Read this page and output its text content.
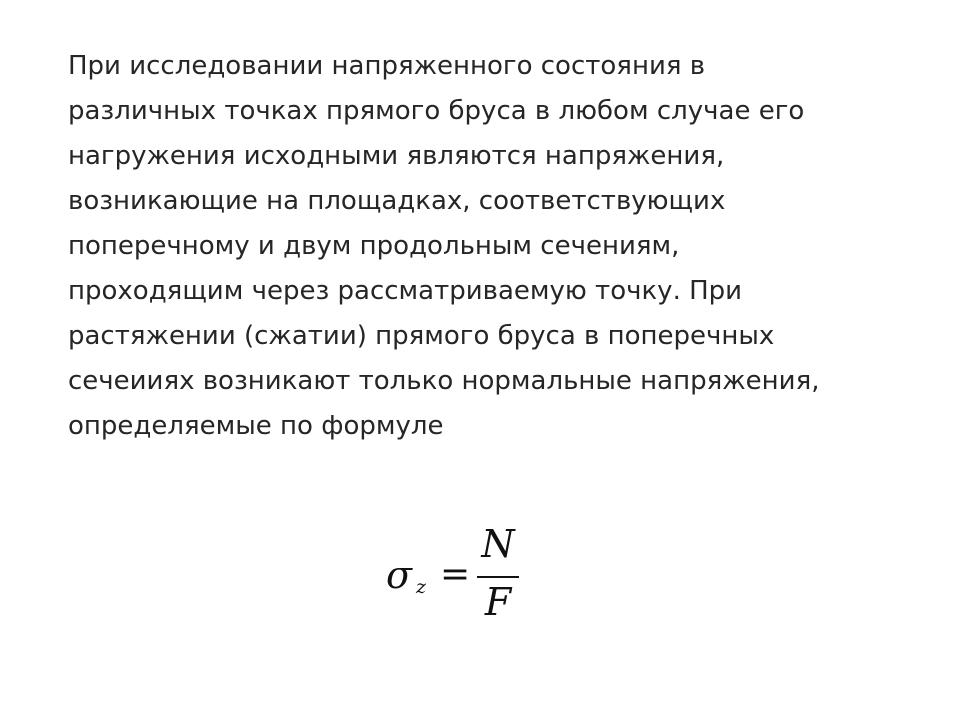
При исследовании напряженного состояния в
различных точках прямого бруса в любом случае его
нагружения исходными являются напряжения,
возникающие на площадках, соответствующих
поперечному и двум продольным сечениям,
проходящим через рассматриваемую точку. При
растяжении (сжатии) прямого бруса в поперечных
сечеииях возникают только нормальные напряжения,
определяемые по формуле
σ z =
N
F
